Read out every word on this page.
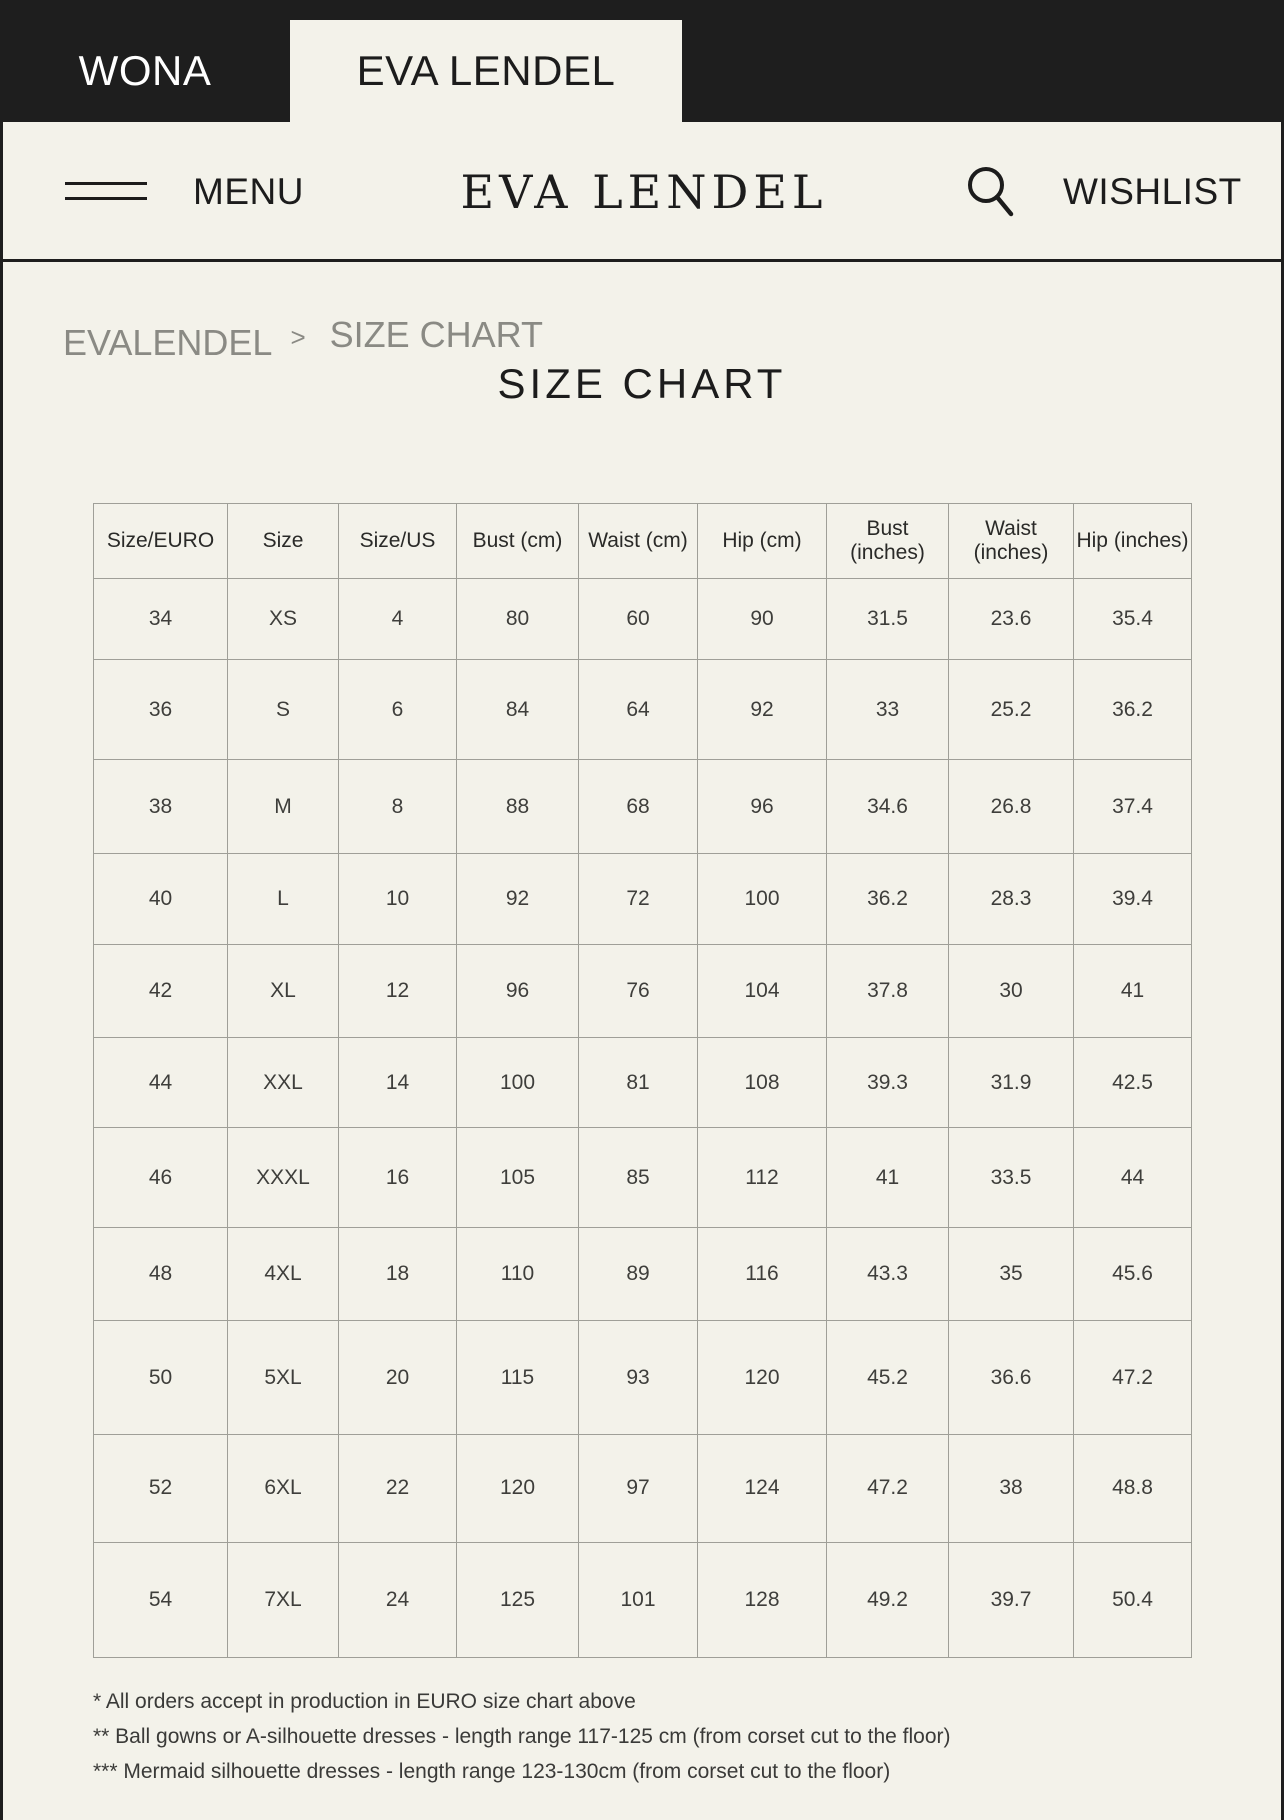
WONA	EVA LENDEL
MENU	EVA LENDEL	WISHLIST
EVALENDEL > SIZE CHART
SIZE CHART
Size/EURO	Size	Size/US	Bust (cm)	Waist (cm)	Hip (cm)	Bust (inches)	Waist (inches)	Hip (inches)
34	XS	4	80	60	90	31.5	23.6	35.4
36	S	6	84	64	92	33	25.2	36.2
38	M	8	88	68	96	34.6	26.8	37.4
40	L	10	92	72	100	36.2	28.3	39.4
42	XL	12	96	76	104	37.8	30	41
44	XXL	14	100	81	108	39.3	31.9	42.5
46	XXXL	16	105	85	112	41	33.5	44
48	4XL	18	110	89	116	43.3	35	45.6
50	5XL	20	115	93	120	45.2	36.6	47.2
52	6XL	22	120	97	124	47.2	38	48.8
54	7XL	24	125	101	128	49.2	39.7	50.4
* All orders accept in production in EURO size chart above
** Ball gowns or A-silhouette dresses - length range 117-125 cm (from corset cut to the floor)
*** Mermaid silhouette dresses - length range 123-130cm (from corset cut to the floor)
